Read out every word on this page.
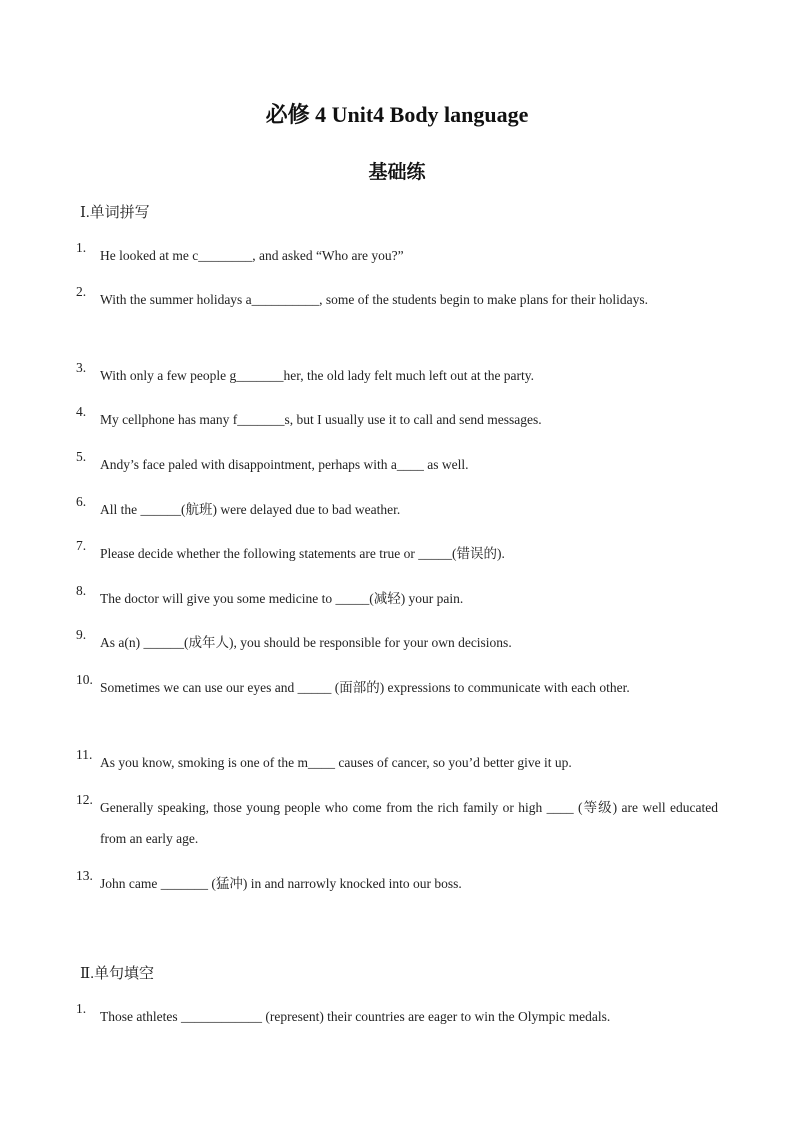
必修 4 Unit4 Body language
基础练
Ⅰ.单词拼写
1.
He looked at me c________, and asked “Who are you?”
2.
With the summer holidays a__________, some of the students begin to make plans for their holidays.
3.
With only a few people g_______her, the old lady felt much left out at the party.
4.
My cellphone has many f_______s, but I usually use it to call and send messages.
5.
Andy’s face paled with disappointment, perhaps with a____ as well.
6.
All the ______(航班) were delayed due to bad weather.
7.
Please decide whether the following statements are true or _____(错误的).
8.
The doctor will give you some medicine to _____(减轻) your pain.
9.
As a(n) ______(成年人), you should be responsible for your own decisions.
10.
Sometimes we can use our eyes and _____ (面部的) expressions to communicate with each other.
11.
As you know, smoking is one of the m____ causes of cancer, so you’d better give it up.
12.
Generally speaking, those young people who come from the rich family or high ____ (等级) are well educated from an early age.
13.
John came _______ (猛冲) in and narrowly knocked into our boss.
Ⅱ.单句填空
1.
Those athletes ____________ (represent) their countries are eager to win the Olympic medals.
